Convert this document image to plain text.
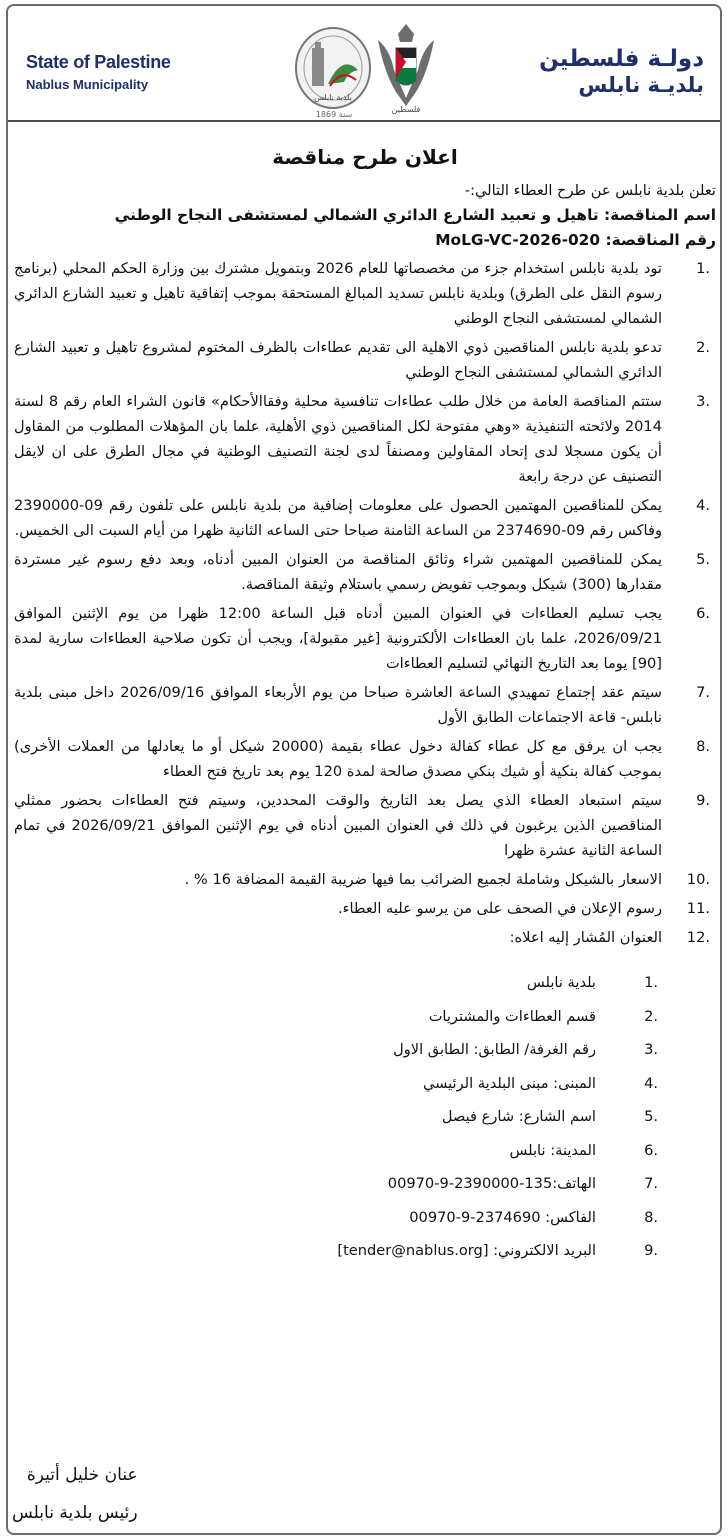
State of Palestine
Nablus Municipality
بلدية نابلس
سنة 1869
فلسطين
دولـة فلسطين
بلديـة نابلس
اعلان طرح مناقصة

تعلن بلدية نابلس عن طرح العطاء التالي:-

اسم المناقصة: تاهيل و تعبيد الشارع الدائري الشمالي لمستشفى النجاح الوطني

رقم المناقصة: MoLG-VC-2026-020

1.
تود بلدية نابلس استخدام جزء من مخصصاتها للعام 2026 وبتمويل مشترك بين وزارة الحكم المحلي (برنامج رسوم النقل على الطرق) وبلدية نابلس تسديد المبالغ المستحقة بموجب إتفاقية تاهيل و تعبيد الشارع الدائري الشمالي لمستشفى النجاح الوطني
2.
تدعو بلدية نابلس المناقصين ذوي الاهلية الى تقديم عطاءات بالظرف المختوم لمشروع تاهيل و تعبيد الشارع الدائري الشمالي لمستشفى النجاح الوطني
3.
ستتم المناقصة العامة من خلال طلب عطاءات تنافسية محلية وفقاالأحكام» قانون الشراء العام رقم 8 لسنة 2014 ولائحته التنفيذية «وهي مفتوحة لكل المناقصين ذوي الأهلية، علما بان المؤهلات المطلوب من المقاول أن يكون مسجلا لدى إتحاد المقاولين ومصنفاً لدى لجنة التصنيف الوطنية في مجال الطرق على ان لايقل التصنيف عن درجة رابعة
4.
يمكن للمناقصين المهتمين الحصول على معلومات إضافية من بلدية نابلس على تلفون رقم 09-2390000 وفاكس رقم 09-2374690 من الساعة الثامنة صباحا حتى الساعه الثانية ظهرا من أيام السبت الى الخميس.
5.
يمكن للمناقصين المهتمين شراء وثائق المناقصة من العنوان المبين أدناه، وبعد دفع رسوم غير مستردة مقدارها (300) شيكل وبموجب تفويض رسمي باستلام وثيقة المناقصة.
6.
يجب تسليم العطاءات في العنوان المبين أدناه قبل الساعة 12:00 ظهرا من يوم الإثنين الموافق 2026/09/21، علما بان العطاءات الألكترونية [غير مقبولة]، ويجب أن تكون صلاحية العطاءات سارية لمدة [90] يوما بعد التاريخ النهائي لتسليم العطاءات
7.
سيتم عقد إجتماع تمهيدي الساعة العاشرة صباحا من يوم الأربعاء الموافق 2026/09/16 داخل مبنى بلدية نابلس- قاعة الاجتماعات الطابق الأول
8.
يجب ان يرفق مع كل عطاء كفالة دخول عطاء بقيمة (20000 شيكل أو ما يعادلها من العملات الأخرى) بموجب كفالة بنكية أو شيك بنكي مصدق صالحة لمدة 120 يوم بعد تاريخ فتح العطاء
9.
سيتم استبعاد العطاء الذي يصل بعد التاريخ والوقت المحددين، وسيتم فتح العطاءات بحضور ممثلي المناقصين الذين يرغبون في ذلك في العنوان المبين أدناه في يوم الإثنين الموافق 2026/09/21 في تمام الساعة الثانية عشرة ظهرا
10.
الاسعار بالشيكل وشاملة لجميع الضرائب بما فيها ضريبة القيمة المضافة 16 % .
11.
رسوم الإعلان في الصحف على من يرسو عليه العطاء.
12.
العنوان المُشار إليه اعلاه:
1.
بلدية نابلس
2.
قسم العطاءات والمشتريات
3.
رقم الغرفة/ الطابق: الطابق الاول
4.
المبنى: مبنى البلدية الرئيسي
5.
اسم الشارع: شارع فيصل
6.
المدينة: نابلس
7.
الهاتف:135-2390000-9-00970
8.
الفاكس: 2374690-9-00970
9.
البريد الالكتروني: [tender@nablus.org]
عنان خليل أتيرة
رئيس بلدية نابلس
